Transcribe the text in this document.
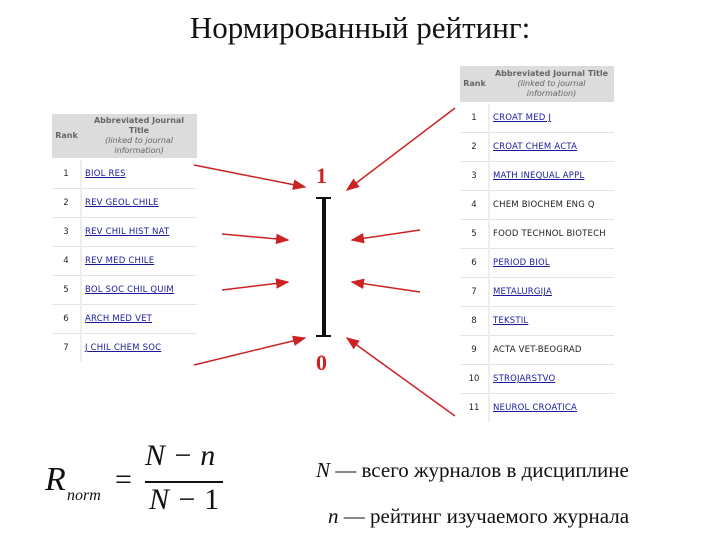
Нормированный рейтинг:
Rank	Abbreviated Journal Title
(linked to journal information)

1	BIOL RES
2	REV GEOL CHILE
3	REV CHIL HIST NAT
4	REV MED CHILE
5	BOL SOC CHIL QUIM
6	ARCH MED VET
7	J CHIL CHEM SOC
Rank	Abbreviated Journal Title
(linked to journal information)

1	CROAT MED J
2	CROAT CHEM ACTA
3	MATH INEQUAL APPL
4	CHEM BIOCHEM ENG Q
5	FOOD TECHNOL BIOTECH
6	PERIOD BIOL
7	METALURGIJA
8	TEKSTIL
9	ACTA VET-BEOGRAD
10	STROJARSTVO
11	NEUROL CROATICA
1
0
R norm =
N − n
N − 1
N — всего журналов в дисциплине
n — рейтинг изучаемого журнала
